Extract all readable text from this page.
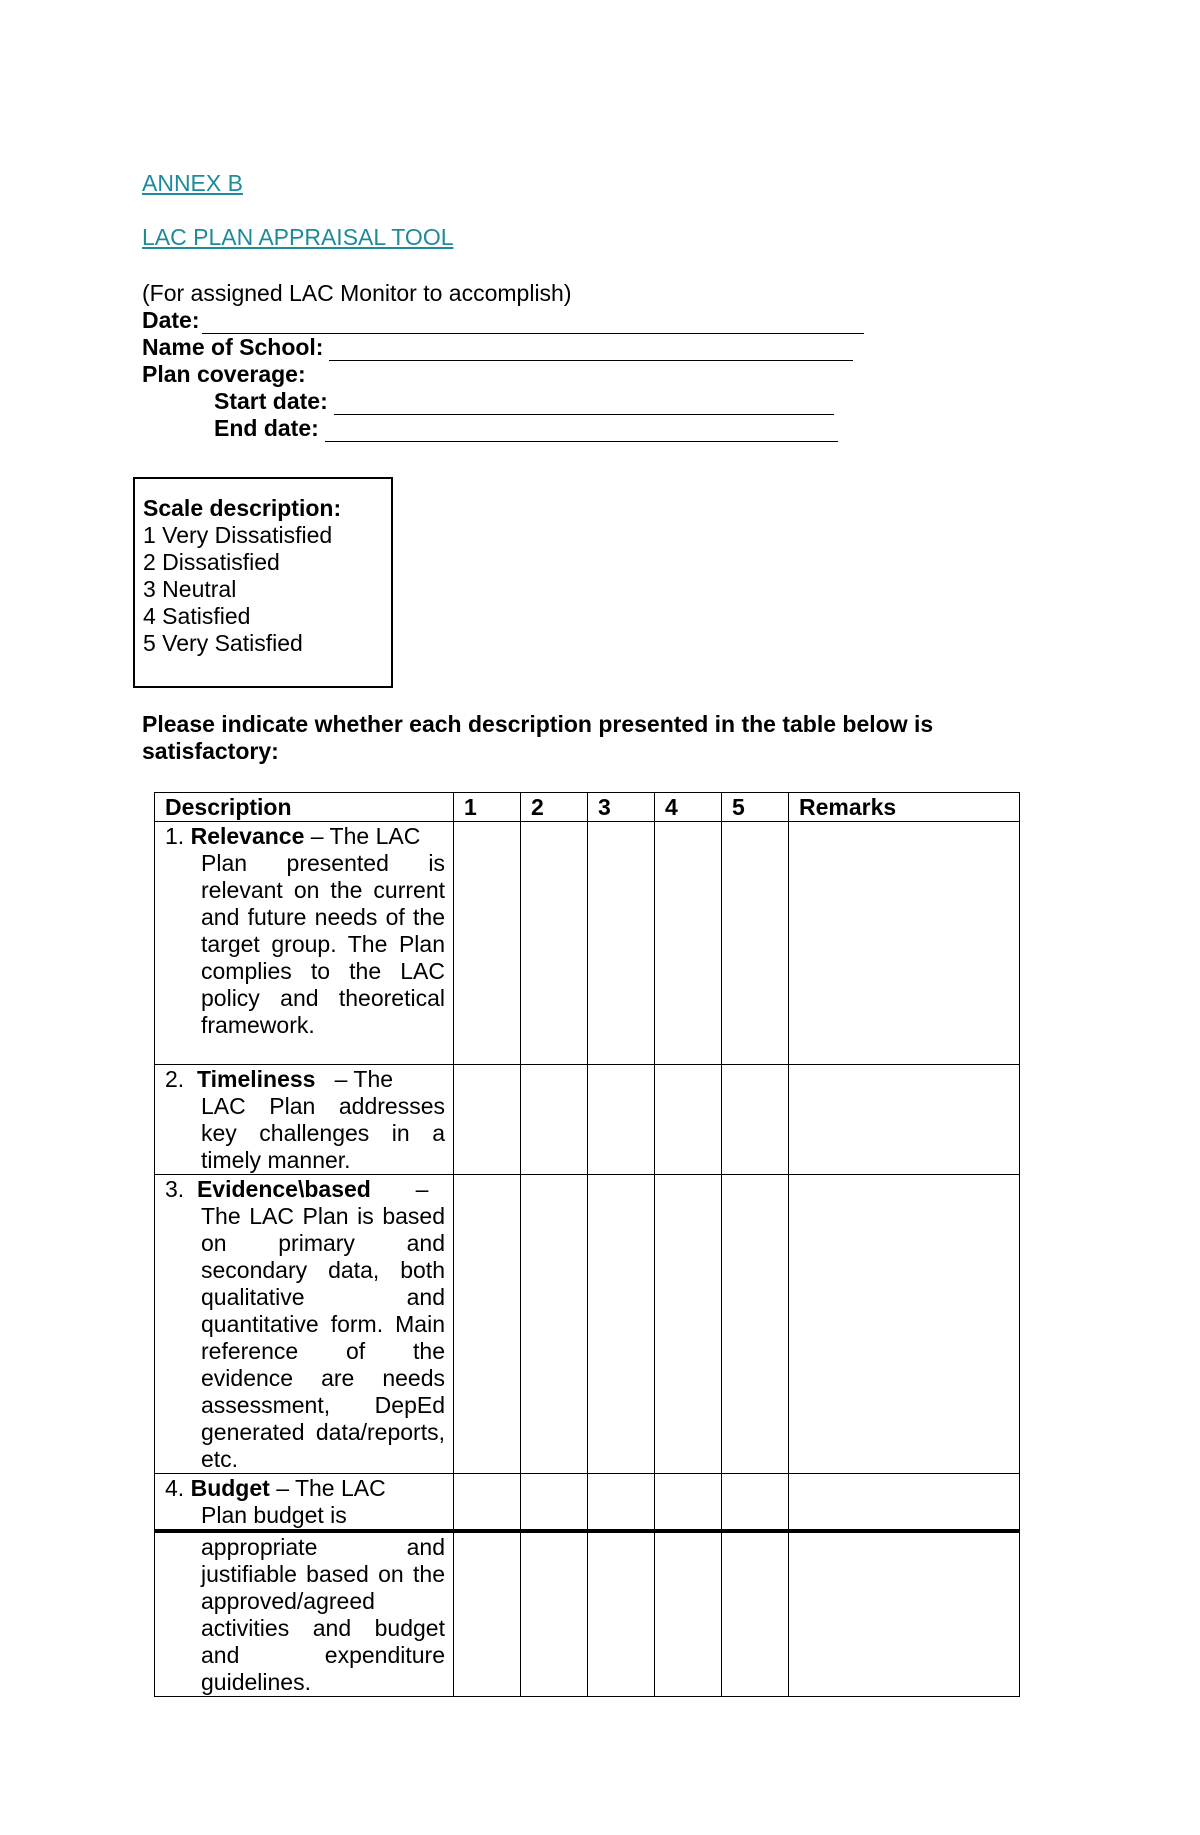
ANNEX B
LAC PLAN APPRAISAL TOOL
(For assigned LAC Monitor to accomplish)
Date:
Name of School:
Plan coverage:
Start date:
End date:
Scale description:
1 Very Dissatisfied
2 Dissatisfied
3 Neutral
4 Satisfied
5 Very Satisfied
Please indicate whether each description presented in the table below is satisfactory:
Description	1	2	3	4	5	Remarks

1. Relevance – The LAC
Plan presented is relevant on the current and future needs of the target group. The Plan complies to the LAC policy and theoretical framework.						

2. Timeliness – The
LAC Plan addresses key challenges in a timely manner.						

3. Evidence\based –
The LAC Plan is based on primary and secondary data, both qualitative and quantitative form. Main reference of the evidence are needs assessment, DepEd generated data/reports, etc.						

4. Budget – The LAC
Plan budget is						

appropriate and justifiable based on the approved/agreed activities and budget and expenditure guidelines.						
